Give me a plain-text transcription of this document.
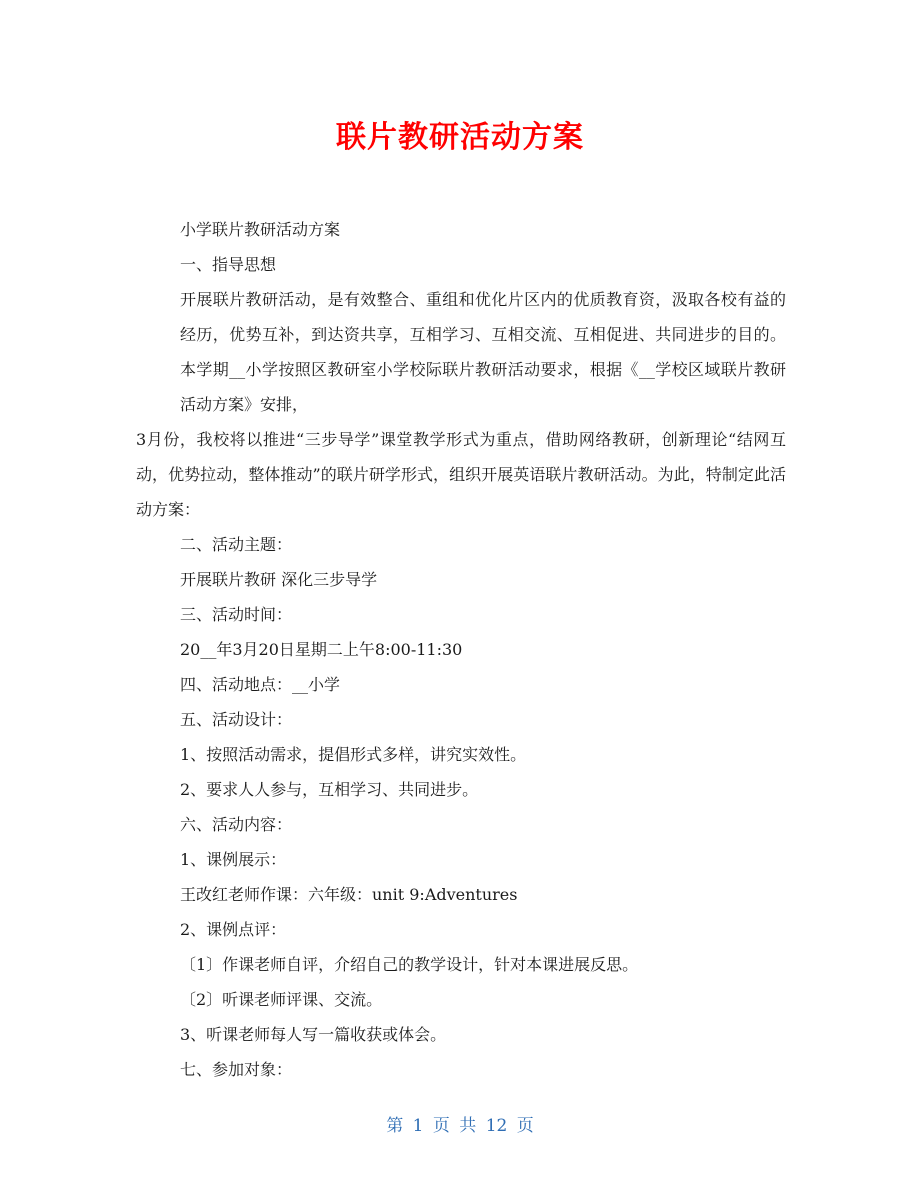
联片教研活动方案

小学联片教研活动方案

一、指导思想

开展联片教研活动，是有效整合、重组和优化片区内的优质教育资，汲取各校有益的经历，优势互补，到达资共享，互相学习、互相交流、互相促进、共同进步的目的。本学期__小学按照区教研室小学校际联片教研活动要求，根据《__学校区域联片教研活动方案》安排，

3月份，我校将以推进“三步导学”课堂教学形式为重点，借助网络教研，创新理论“结网互动，优势拉动，整体推动”的联片研学形式，组织开展英语联片教研活动。为此，特制定此活动方案：

二、活动主题：

开展联片教研 深化三步导学

三、活动时间：

20__年3月20日星期二上午8:00-11:30

四、活动地点：__小学

五、活动设计：

1、按照活动需求，提倡形式多样，讲究实效性。

2、要求人人参与，互相学习、共同进步。

六、活动内容：

1、课例展示：

王改红老师作课：六年级：unit 9:Adventures

2、课例点评：

〔1〕作课老师自评，介绍自己的教学设计，针对本课进展反思。

〔2〕听课老师评课、交流。

3、听课老师每人写一篇收获或体会。

七、参加对象：

第 1 页 共 12 页
